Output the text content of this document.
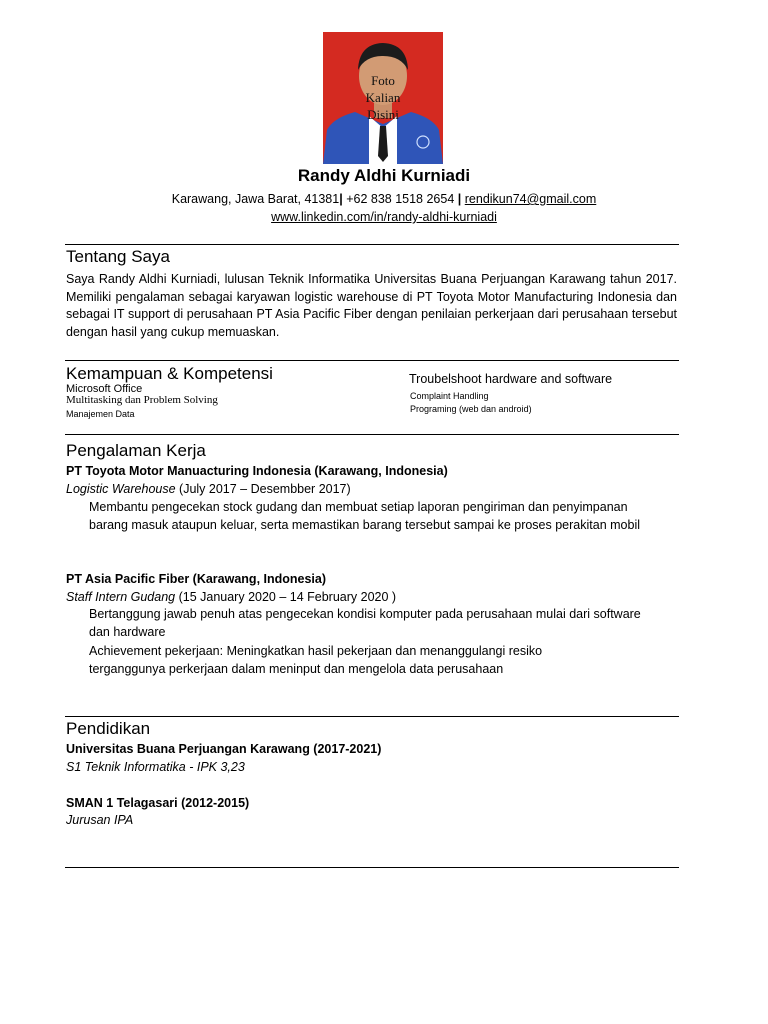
Foto
Kalian
Disini
Randy Aldhi Kurniadi
Karawang, Jawa Barat, 41381| +62 838 1518 2654 | rendikun74@gmail.com
www.linkedin.com/in/randy-aldhi-kurniadi
Tentang Saya
Saya Randy Aldhi Kurniadi, lulusan Teknik Informatika Universitas Buana Perjuangan Karawang tahun 2017. Memiliki pengalaman sebagai karyawan logistic warehouse di PT Toyota Motor Manufacturing Indonesia dan sebagai IT support di perusahaan PT Asia Pacific Fiber dengan penilaian perkerjaan dari perusahaan tersebut dengan hasil yang cukup memuaskan.
Kemampuan & Kompetensi
Microsoft Office
Multitasking dan Problem Solving
Manajemen Data
Troubelshoot hardware and software
Complaint Handling
Programing (web dan android)
Pengalaman Kerja
PT Toyota Motor Manuacturing Indonesia (Karawang, Indonesia)
Logistic Warehouse (July 2017 – Desembber 2017)
Membantu pengecekan stock gudang dan membuat setiap laporan pengiriman dan penyimpanan barang masuk ataupun keluar, serta memastikan barang tersebut sampai ke proses perakitan mobil
PT Asia Pacific Fiber (Karawang, Indonesia)
Staff Intern Gudang (15 January 2020 – 14 February 2020 )
Bertanggung jawab penuh atas pengecekan kondisi komputer pada perusahaan mulai dari software dan hardware
Achievement pekerjaan: Meningkatkan hasil pekerjaan dan menanggulangi resiko terganggunya perkerjaan dalam meninput dan mengelola data perusahaan
Pendidikan
Universitas Buana Perjuangan Karawang (2017-2021)
S1 Teknik Informatika - IPK 3,23
SMAN 1 Telagasari (2012-2015)
Jurusan IPA
